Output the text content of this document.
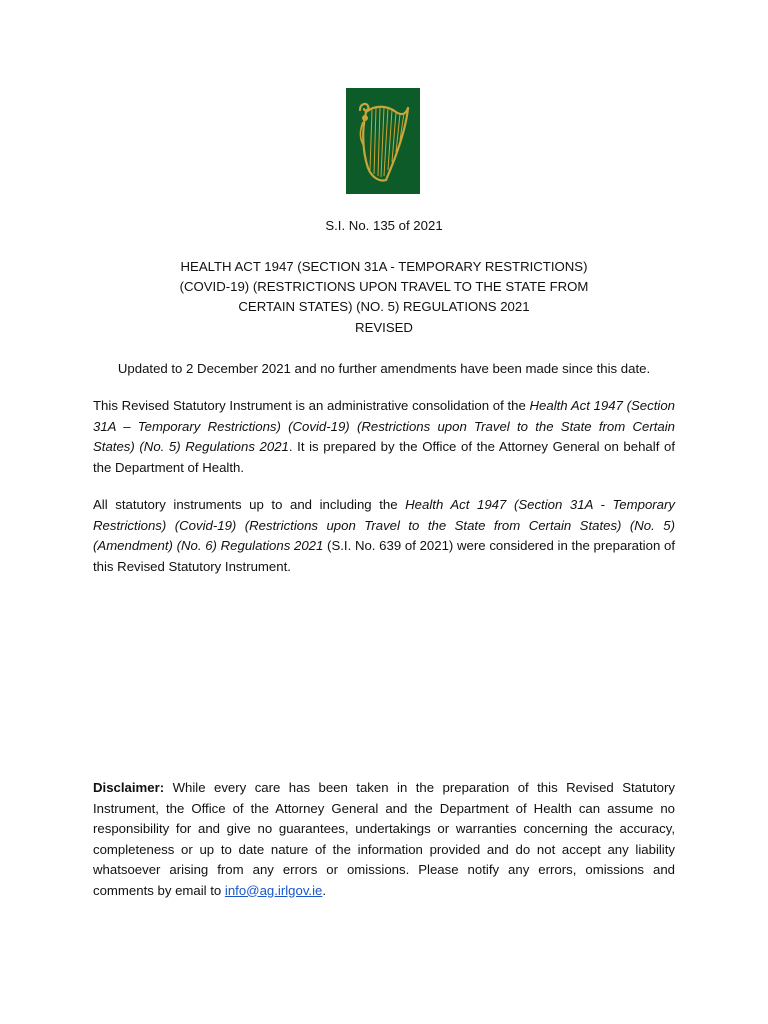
S.I. No. 135 of 2021
HEALTH ACT 1947 (SECTION 31A - TEMPORARY RESTRICTIONS)
(COVID-19) (RESTRICTIONS UPON TRAVEL TO THE STATE FROM
CERTAIN STATES) (NO. 5) REGULATIONS 2021
REVISED
Updated to 2 December 2021 and no further amendments have been made since this date.
This Revised Statutory Instrument is an administrative consolidation of the Health Act 1947 (Section 31A – Temporary Restrictions) (Covid-19) (Restrictions upon Travel to the State from Certain States) (No. 5) Regulations 2021. It is prepared by the Office of the Attorney General on behalf of the Department of Health.
All statutory instruments up to and including the Health Act 1947 (Section 31A - Temporary Restrictions) (Covid-19) (Restrictions upon Travel to the State from Certain States) (No. 5) (Amendment) (No. 6) Regulations 2021 (S.I. No. 639 of 2021) were considered in the preparation of this Revised Statutory Instrument.
Disclaimer: While every care has been taken in the preparation of this Revised Statutory Instrument, the Office of the Attorney General and the Department of Health can assume no responsibility for and give no guarantees, undertakings or warranties concerning the accuracy, completeness or up to date nature of the information provided and do not accept any liability whatsoever arising from any errors or omissions. Please notify any errors, omissions and comments by email to info@ag.irlgov.ie.
